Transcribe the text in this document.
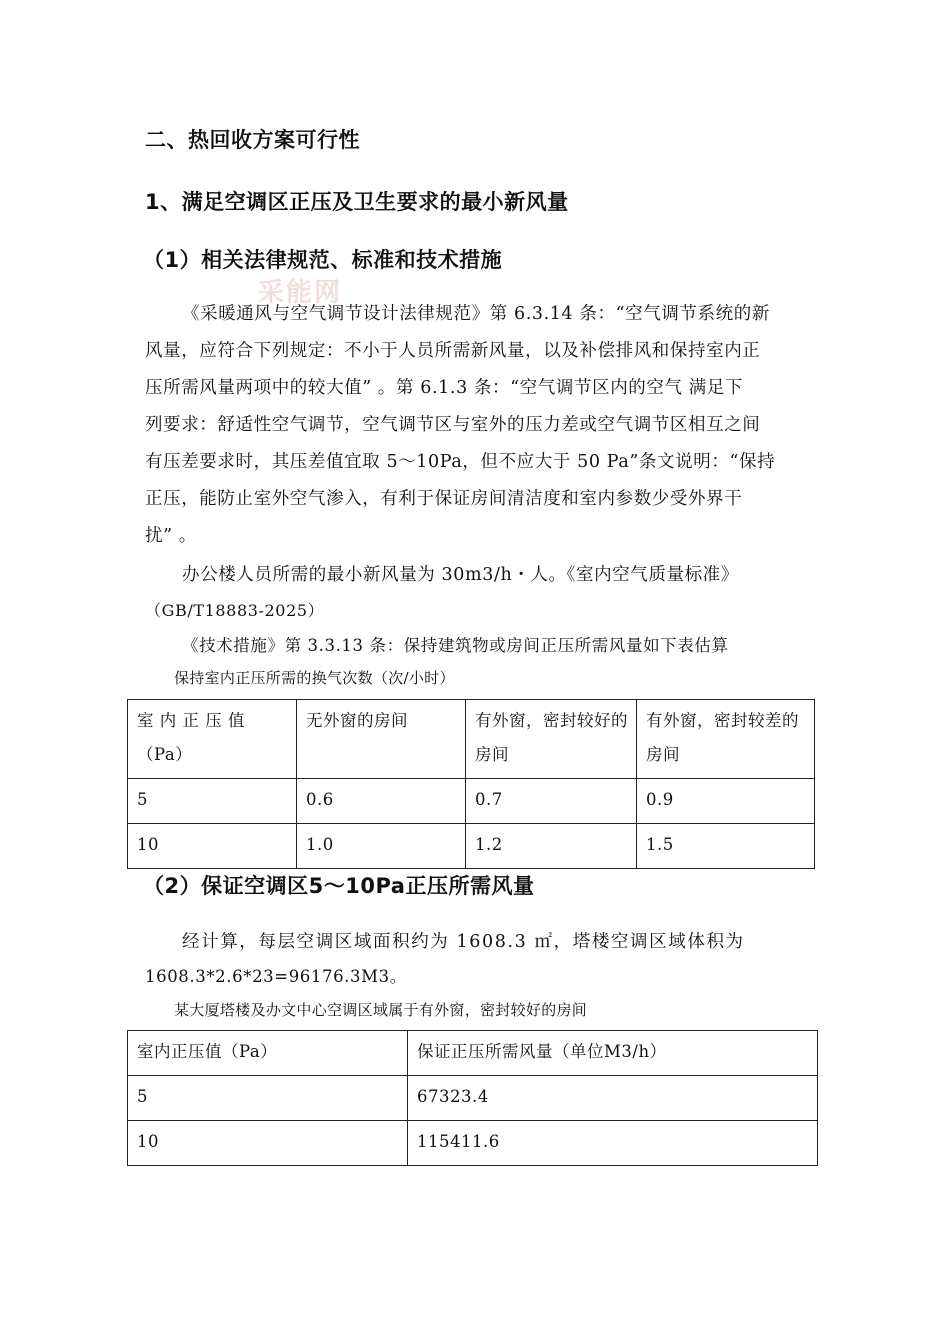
二、热回收方案可行性
1、满足空调区正压及卫生要求的最小新风量
（1）相关法律规范、标准和技术措施
采能网
《采暖通风与空气调节设计法律规范》第 6.3.14 条：“空气调节系统的新
风量，应符合下列规定：不小于人员所需新风量，以及补偿排风和保持室内正
压所需风量两项中的较大值” 。第 6.1.3 条：“空气调节区内的空气 满足下
列要求：舒适性空气调节，空气调节区与室外的压力差或空气调节区相互之间
有压差要求时，其压差值宜取 5～10Pa，但不应大于 50 Pa”条文说明：“保持
正压，能防止室外空气渗入，有利于保证房间清洁度和室内参数少受外界干
扰” 。
办公楼人员所需的最小新风量为 30m3/h・人。《室内空气质量标准》
（GB/T18883-2025）
《技术措施》第 3.3.13 条：保持建筑物或房间正压所需风量如下表估算
保持室内正压所需的换气次数（次/小时）
室 内 正 压 值（Pa）	无外窗的房间	有外窗，密封较好的房间	有外窗，密封较差的房间
5	0.6	0.7	0.9
10	1.0	1.2	1.5
（2）保证空调区5～10Pa正压所需风量
经计算，每层空调区域面积约为 1608.3 ㎡，塔楼空调区域体积为
1608.3*2.6*23=96176.3M3。
某大厦塔楼及办文中心空调区域属于有外窗，密封较好的房间
室内正压值（Pa）	保证正压所需风量（单位M3/h）
5	67323.4
10	115411.6
